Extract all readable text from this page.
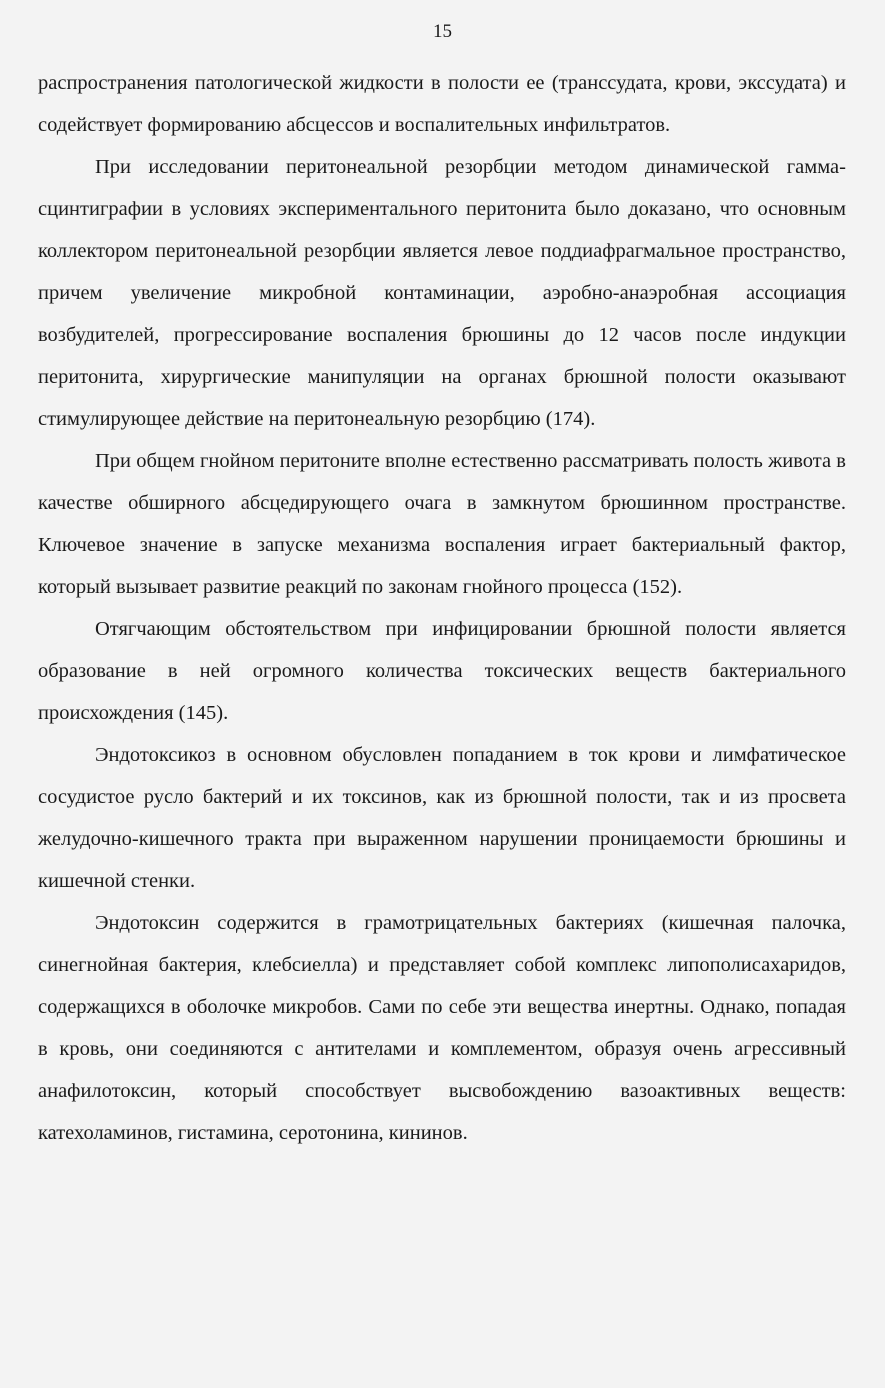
15

распространения патологической жидкости в полости ее (транссудата, крови, экссудата) и содействует формированию абсцессов и воспалительных инфильтратов.

При исследовании перитонеальной резорбции методом динамической гамма-сцинтиграфии в условиях экспериментального перитонита было доказано, что основным коллектором перитонеальной резорбции является левое поддиафрагмальное пространство, причем увеличение микробной контаминации, аэробно-анаэробная ассоциация возбудителей, прогрессирование воспаления брюшины до 12 часов после индукции перитонита, хирургические манипуляции на органах брюшной полости оказывают стимулирующее действие на перитонеальную резорбцию (174).

При общем гнойном перитоните вполне естественно рассматривать полость живота в качестве обширного абсцедирующего очага в замкнутом брюшинном пространстве. Ключевое значение в запуске механизма воспаления играет бактериальный фактор, который вызывает развитие реакций по законам гнойного процесса (152).

Отягчающим обстоятельством при инфицировании брюшной полости является образование в ней огромного количества токсических веществ бактериального происхождения (145).

Эндотоксикоз в основном обусловлен попаданием в ток крови и лимфатическое сосудистое русло бактерий и их токсинов, как из брюшной полости, так и из просвета желудочно-кишечного тракта при выраженном нарушении проницаемости брюшины и кишечной стенки.

Эндотоксин содержится в грамотрицательных бактериях (кишечная палочка, синегнойная бактерия, клебсиелла) и представляет собой комплекс липополисахаридов, содержащихся в оболочке микробов. Сами по себе эти вещества инертны. Однако, попадая в кровь, они соединяются с антителами и комплементом, образуя очень агрессивный анафилотоксин, который способствует высвобождению вазоактивных веществ: катехоламинов, гистамина, серотонина, кининов.
